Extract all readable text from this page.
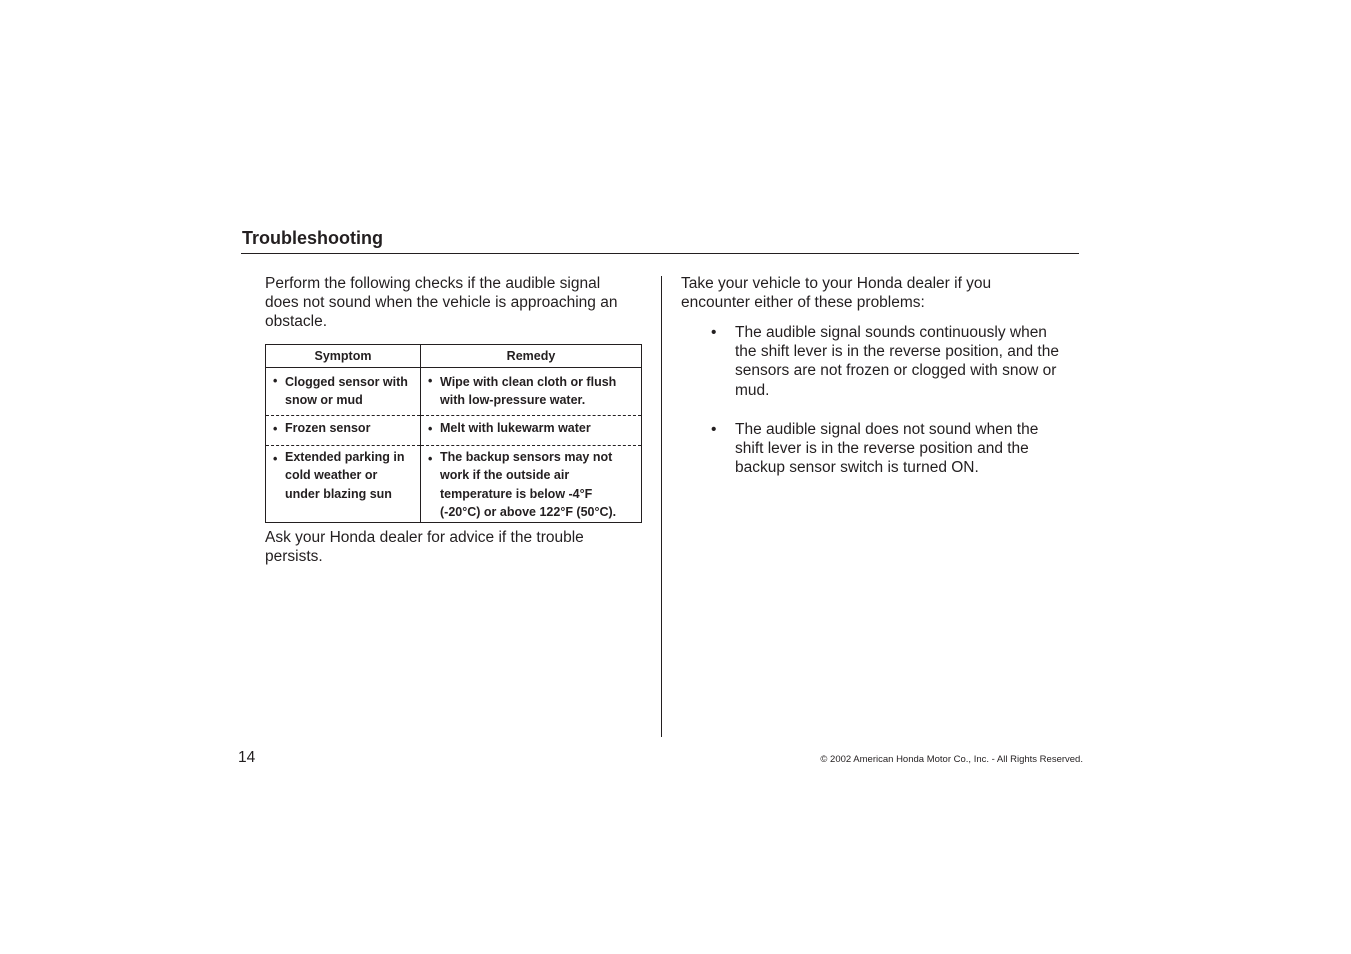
Troubleshooting

Perform the following checks if the audible signal does not sound when the vehicle is approaching an obstacle.

Symptom	Remedy

• Clogged sensor with snow or mud	• Wipe with clean cloth or flush with low-pressure water.

• Frozen sensor	• Melt with lukewarm water

• Extended parking in cold weather or under blazing sun	• The backup sensors may not work if the outside air temperature is below -4°F (-20°C) or above 122°F (50°C).

Ask your Honda dealer for advice if the trouble persists.

Take your vehicle to your Honda dealer if you encounter either of these problems:

• The audible signal sounds continuously when the shift lever is in the reverse position, and the sensors are not frozen or clogged with snow or mud.
• The audible signal does not sound when the shift lever is in the reverse position and the backup sensor switch is turned ON.
14	© 2002 American Honda Motor Co., Inc. - All Rights Reserved.
